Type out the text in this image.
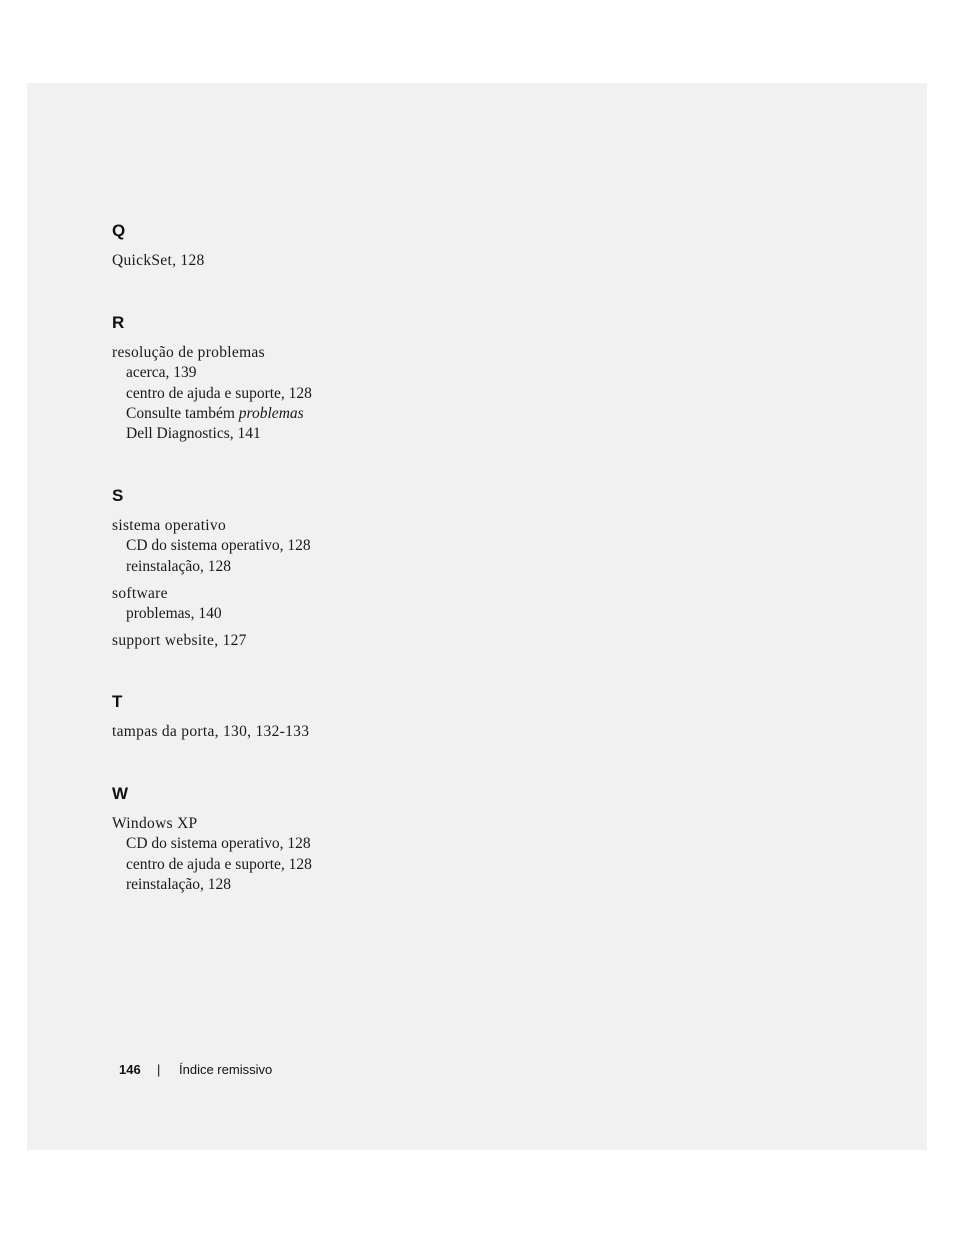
Q
QuickSet, 128
R
resolução de problemas
acerca, 139
centro de ajuda e suporte, 128
Consulte também problemas
Dell Diagnostics, 141
S
sistema operativo
CD do sistema operativo, 128
reinstalação, 128
software
problemas, 140
support website, 127
T
tampas da porta, 130, 132-133
W
Windows XP
CD do sistema operativo, 128
centro de ajuda e suporte, 128
reinstalação, 128
146 | Índice remissivo
